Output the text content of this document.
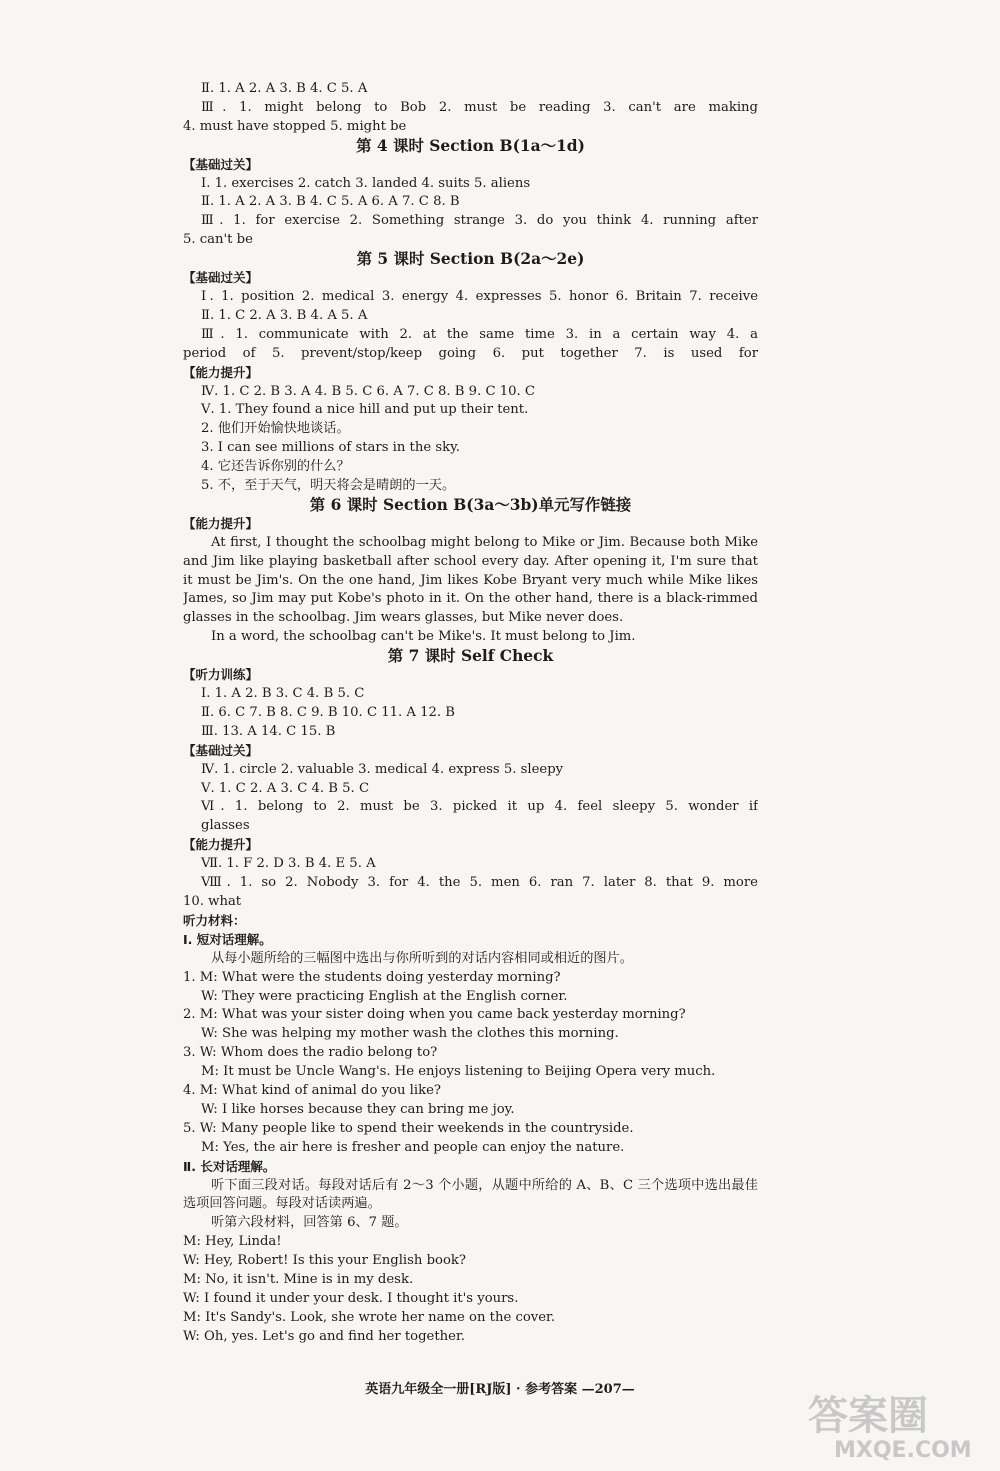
Ⅱ. 1. A 2. A 3. B 4. C 5. A
Ⅲ. 1. might belong to Bob 2. must be reading 3. can't are making
4. must have stopped 5. might be
第 4 课时 Section B(1a～1d)
【基础过关】
Ⅰ. 1. exercises 2. catch 3. landed 4. suits 5. aliens
Ⅱ. 1. A 2. A 3. B 4. C 5. A 6. A 7. C 8. B
Ⅲ. 1. for exercise 2. Something strange 3. do you think 4. running after
5. can't be
第 5 课时 Section B(2a～2e)
【基础过关】
Ⅰ. 1. position 2. medical 3. energy 4. expresses 5. honor 6. Britain 7. receive
Ⅱ. 1. C 2. A 3. B 4. A 5. A
Ⅲ. 1. communicate with 2. at the same time 3. in a certain way 4. a
period of 5. prevent/stop/keep going 6. put together 7. is used for
【能力提升】
Ⅳ. 1. C 2. B 3. A 4. B 5. C 6. A 7. C 8. B 9. C 10. C
Ⅴ. 1. They found a nice hill and put up their tent.
2. 他们开始愉快地谈话。
3. I can see millions of stars in the sky.
4. 它还告诉你别的什么？
5. 不，至于天气，明天将会是晴朗的一天。
第 6 课时 Section B(3a～3b)单元写作链接
【能力提升】
At first, I thought the schoolbag might belong to Mike or Jim. Because both Mike and Jim like playing basketball after school every day. After opening it, I'm sure that it must be Jim's. On the one hand, Jim likes Kobe Bryant very much while Mike likes James, so Jim may put Kobe's photo in it. On the other hand, there is a black-rimmed glasses in the schoolbag. Jim wears glasses, but Mike never does.
In a word, the schoolbag can't be Mike's. It must belong to Jim.
第 7 课时 Self Check
【听力训练】
Ⅰ. 1. A 2. B 3. C 4. B 5. C
Ⅱ. 6. C 7. B 8. C 9. B 10. C 11. A 12. B
Ⅲ. 13. A 14. C 15. B
【基础过关】
Ⅳ. 1. circle 2. valuable 3. medical 4. express 5. sleepy
Ⅴ. 1. C 2. A 3. C 4. B 5. C
Ⅵ. 1. belong to 2. must be 3. picked it up 4. feel sleepy 5. wonder if
glasses
【能力提升】
Ⅶ. 1. F 2. D 3. B 4. E 5. A
Ⅷ. 1. so 2. Nobody 3. for 4. the 5. men 6. ran 7. later 8. that 9. more
10. what
听力材料：
Ⅰ. 短对话理解。
从每小题所给的三幅图中选出与你所听到的对话内容相同或相近的图片。
1. M: What were the students doing yesterday morning?
W: They were practicing English at the English corner.
2. M: What was your sister doing when you came back yesterday morning?
W: She was helping my mother wash the clothes this morning.
3. W: Whom does the radio belong to?
M: It must be Uncle Wang's. He enjoys listening to Beijing Opera very much.
4. M: What kind of animal do you like?
W: I like horses because they can bring me joy.
5. W: Many people like to spend their weekends in the countryside.
M: Yes, the air here is fresher and people can enjoy the nature.
Ⅱ. 长对话理解。
听下面三段对话。每段对话后有 2～3 个小题，从题中所给的 A、B、C 三个选项中选出最佳选项回答问题。每段对话读两遍。
听第六段材料，回答第 6、7 题。
M: Hey, Linda!
W: Hey, Robert! Is this your English book?
M: No, it isn't. Mine is in my desk.
W: I found it under your desk. I thought it's yours.
M: It's Sandy's. Look, she wrote her name on the cover.
W: Oh, yes. Let's go and find her together.
英语九年级全一册[RJ版] · 参考答案 —207—
答案圈
MXQE.COM
